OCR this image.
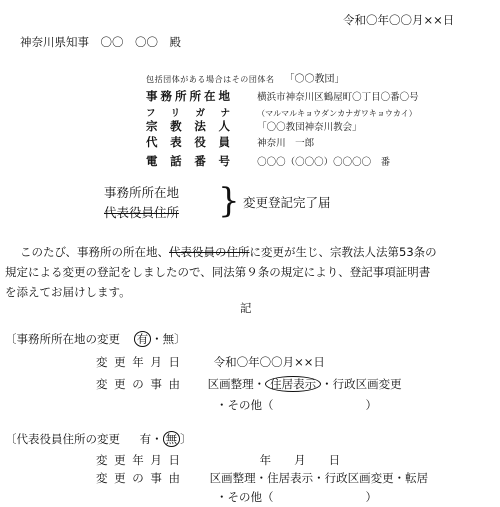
令和〇年〇〇月××日
神奈川県知事　〇〇　〇〇　殿
包括団体がある場合はその団体名 「〇〇教団」
事務所所在地	横浜市神奈川区鶴屋町〇丁目〇番〇号
フリガナ	（マルマルキョウダンカナガワキョウカイ）
宗教法人	「〇〇教団神奈川教会」
代表役員	神奈川　一郎
電話番号	〇〇〇（〇〇〇）〇〇〇〇　番
事務所所在地
代表役員住所 } 変更登記完了届
このたび、事務所の所在地、代表役員の住所に変更が生じ、宗教法人法第53条の
規定による変更の登記をしましたので、同法第９条の規定により、登記事項証明書
を添えてお届けします。
記
〔事務所所在地の変更 有 ・無〕
変更年月日	令和〇年〇〇月××日
変更の事由 区画整理・ 住居表示 ・行政区画変更
・その他（　　　　　　　　）
〔代表役員住所の変更 有・ 無 〕
変更年月日	年　　月　　日
変更の事由	区画整理・住居表示・行政区画変更・転居
・その他（　　　　　　　　）
